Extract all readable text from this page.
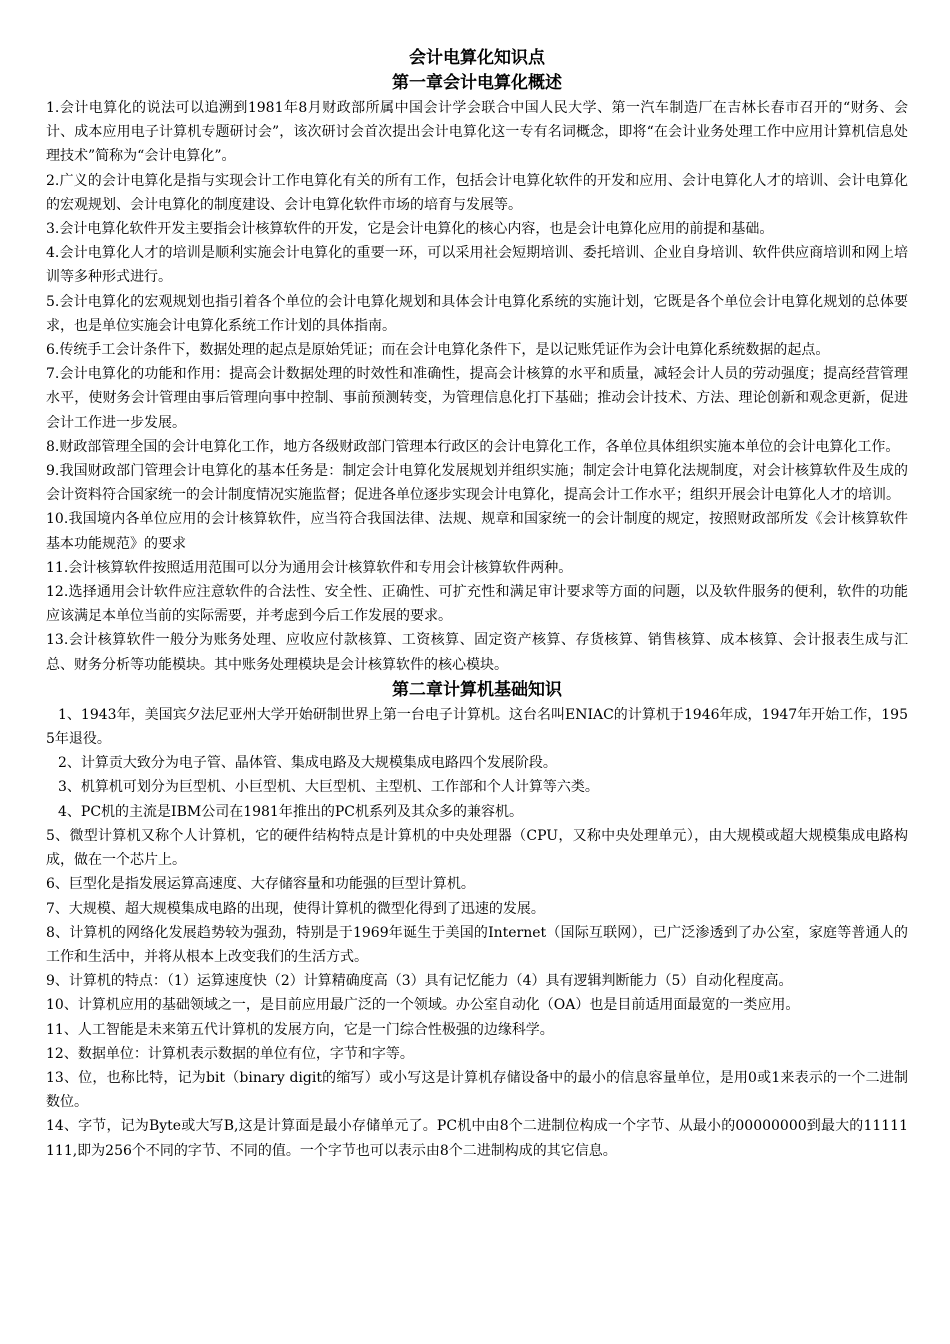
会计电算化知识点
第一章会计电算化概述

1.会计电算化的说法可以追溯到1981年8月财政部所属中国会计学会联合中国人民大学、第一汽车制造厂在吉林长春市召开的“财务、会计、成本应用电子计算机专题研讨会”，该次研讨会首次提出会计电算化这一专有名词概念，即将“在会计业务处理工作中应用计算机信息处理技术”简称为“会计电算化”。

2.广义的会计电算化是指与实现会计工作电算化有关的所有工作，包括会计电算化软件的开发和应用、会计电算化人才的培训、会计电算化的宏观规划、会计电算化的制度建设、会计电算化软件市场的培育与发展等。

3.会计电算化软件开发主要指会计核算软件的开发，它是会计电算化的核心内容，也是会计电算化应用的前提和基础。

4.会计电算化人才的培训是顺利实施会计电算化的重要一环，可以采用社会短期培训、委托培训、企业自身培训、软件供应商培训和网上培训等多种形式进行。

5.会计电算化的宏观规划也指引着各个单位的会计电算化规划和具体会计电算化系统的实施计划，它既是各个单位会计电算化规划的总体要求，也是单位实施会计电算化系统工作计划的具体指南。

6.传统手工会计条件下，数据处理的起点是原始凭证；而在会计电算化条件下，是以记账凭证作为会计电算化系统数据的起点。

7.会计电算化的功能和作用：提高会计数据处理的时效性和准确性，提高会计核算的水平和质量，减轻会计人员的劳动强度；提高经营管理水平，使财务会计管理由事后管理向事中控制、事前预测转变，为管理信息化打下基础；推动会计技术、方法、理论创新和观念更新，促进会计工作进一步发展。

8.财政部管理全国的会计电算化工作，地方各级财政部门管理本行政区的会计电算化工作，各单位具体组织实施本单位的会计电算化工作。

9.我国财政部门管理会计电算化的基本任务是：制定会计电算化发展规划并组织实施；制定会计电算化法规制度，对会计核算软件及生成的会计资料符合国家统一的会计制度情况实施监督；促进各单位逐步实现会计电算化，提高会计工作水平；组织开展会计电算化人才的培训。

10.我国境内各单位应用的会计核算软件，应当符合我国法律、法规、规章和国家统一的会计制度的规定，按照财政部所发《会计核算软件基本功能规范》的要求

11.会计核算软件按照适用范围可以分为通用会计核算软件和专用会计核算软件两种。

12.选择通用会计软件应注意软件的合法性、安全性、正确性、可扩充性和满足审计要求等方面的问题，以及软件服务的便利，软件的功能应该满足本单位当前的实际需要，并考虑到今后工作发展的要求。

13.会计核算软件一般分为账务处理、应收应付款核算、工资核算、固定资产核算、存货核算、销售核算、成本核算、会计报表生成与汇总、财务分析等功能模块。其中账务处理模块是会计核算软件的核心模块。

第二章计算机基础知识

1、1943年，美国宾夕法尼亚州大学开始研制世界上第一台电子计算机。这台名叫ENIAC的计算机于1946年成，1947年开始工作，1955年退役。

2、计算贡大致分为电子管、晶体管、集成电路及大规模集成电路四个发展阶段。

3、机算机可划分为巨型机、小巨型机、大巨型机、主型机、工作部和个人计算等六类。

4、PC机的主流是IBM公司在1981年推出的PC机系列及其众多的兼容机。

5、微型计算机又称个人计算机，它的硬件结构特点是计算机的中央处理器（CPU，又称中央处理单元），由大规模或超大规模集成电路构成，做在一个芯片上。

6、巨型化是指发展运算高速度、大存储容量和功能强的巨型计算机。

7、大规模、超大规模集成电路的出现，使得计算机的微型化得到了迅速的发展。

8、计算机的网络化发展趋势较为强劲，特别是于1969年诞生于美国的Internet（国际互联网），已广泛渗透到了办公室，家庭等普通人的工作和生活中，并将从根本上改变我们的生活方式。

9、计算机的特点：（1）运算速度快（2）计算精确度高（3）具有记忆能力（4）具有逻辑判断能力（5）自动化程度高。

10、计算机应用的基础领域之一，是目前应用最广泛的一个领域。办公室自动化（OA）也是目前适用面最宽的一类应用。

11、人工智能是未来第五代计算机的发展方向，它是一门综合性极强的边缘科学。

12、数据单位：计算机表示数据的单位有位，字节和字等。

13、位，也称比特，记为bit（binary digit的缩写）或小写这是计算机存储设备中的最小的信息容量单位，是用0或1来表示的一个二进制数位。

14、字节，记为Byte或大写B,这是计算面是最小存储单元了。PC机中由8个二进制位构成一个字节、从最小的00000000到最大的11111111,即为256个不同的字节、不同的值。一个字节也可以表示由8个二进制构成的其它信息。
